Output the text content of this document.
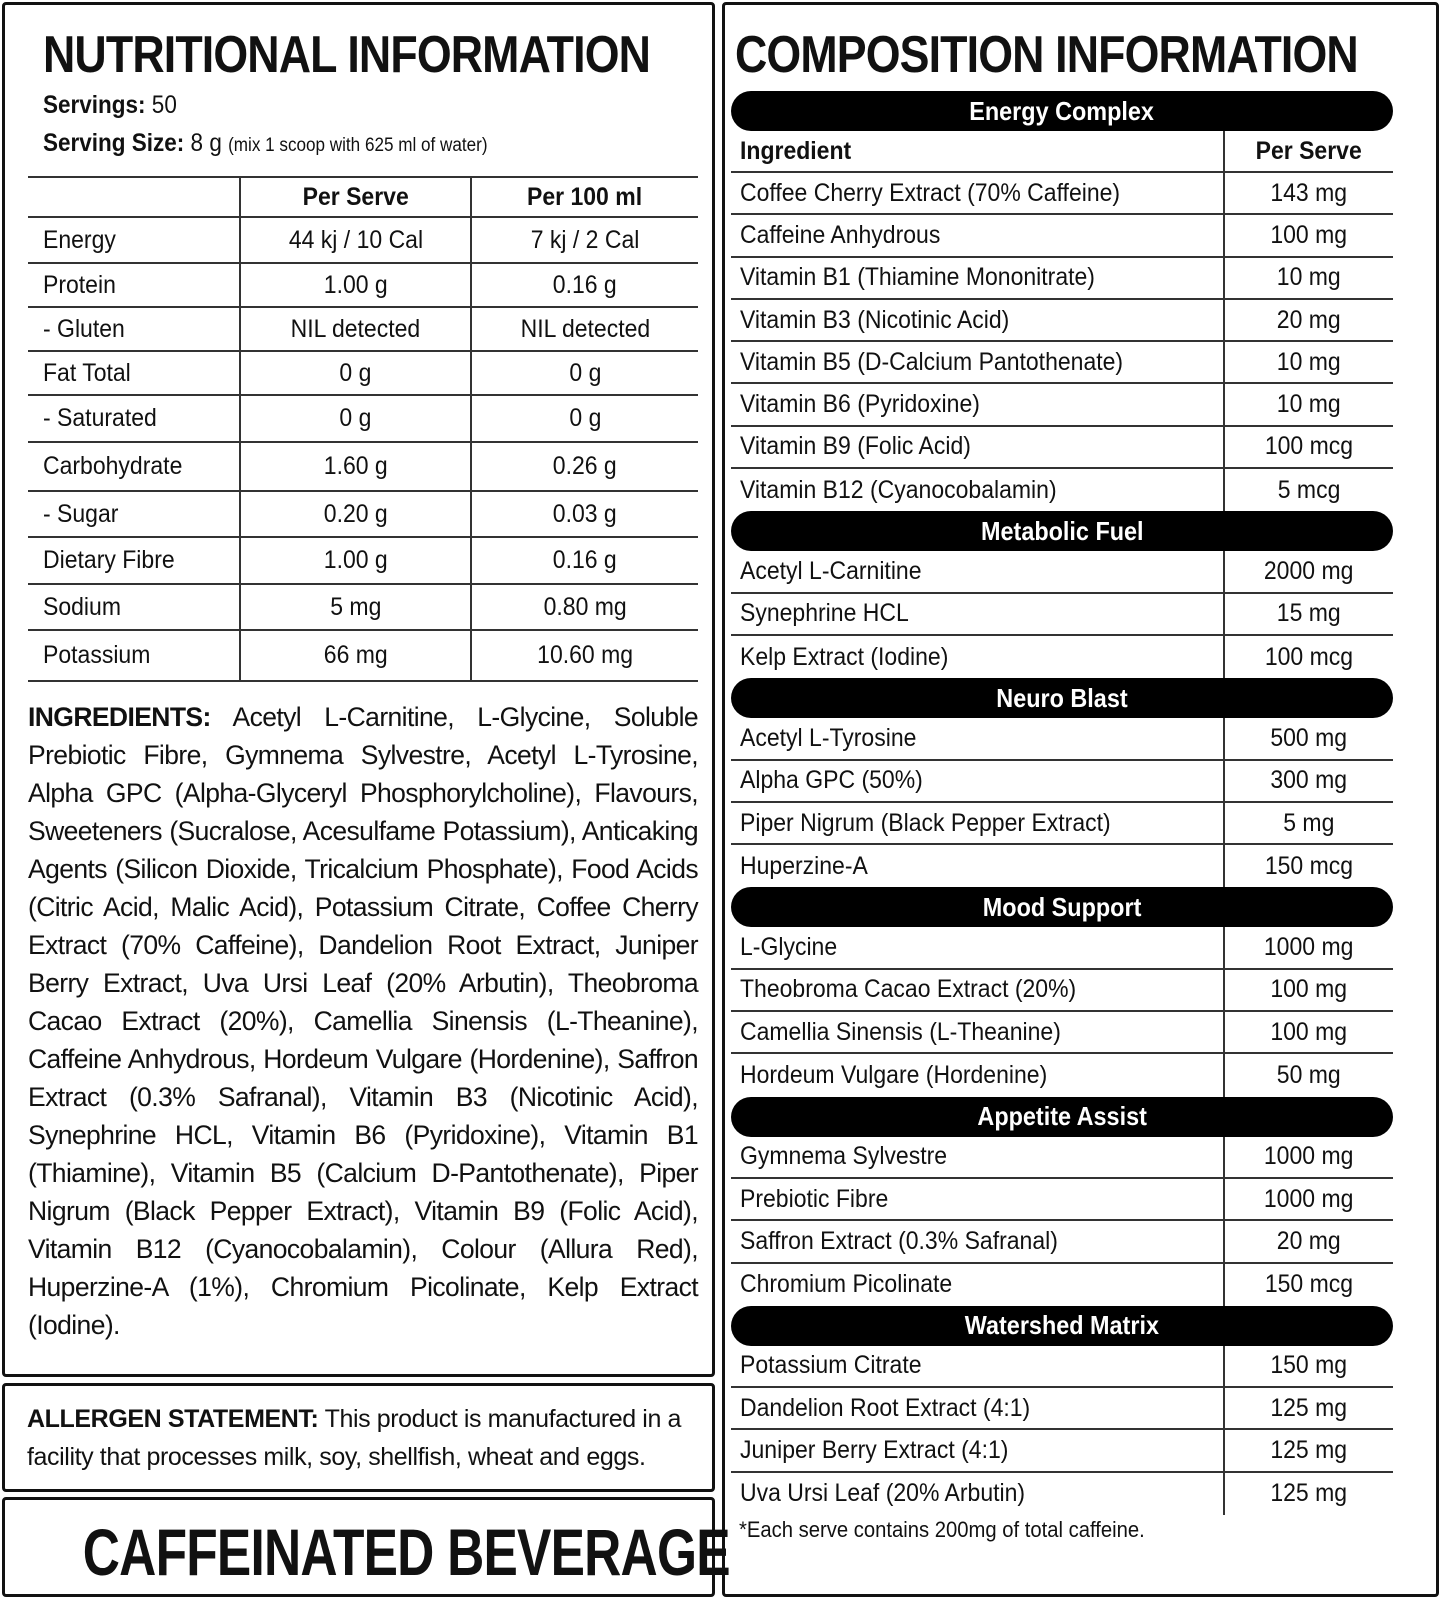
NUTRITIONAL INFORMATION
Servings: 50
Serving Size: 8 g (mix 1 scoop with 625 ml of water)
Per Serve	Per 100 ml
Energy	44 kj / 10 Cal	7 kj / 2 Cal
Protein	1.00 g	0.16 g
- Gluten	NIL detected	NIL detected
Fat Total	0 g	0 g
- Saturated	0 g	0 g
Carbohydrate	1.60 g	0.26 g
- Sugar	0.20 g	0.03 g
Dietary Fibre	1.00 g	0.16 g
Sodium	5 mg	0.80 mg
Potassium	66 mg	10.60 mg
INGREDIENTS: Acetyl L-Carnitine, L-Glycine, Soluble Prebiotic Fibre, Gymnema Sylvestre, Acetyl L-Tyrosine, Alpha GPC (Alpha-Glyceryl Phosphorylcholine), Flavours, Sweeteners (Sucralose, Acesulfame Potassium), Anticaking Agents (Silicon Dioxide, Tricalcium Phosphate), Food Acids (Citric Acid, Malic Acid), Potassium Citrate, Coffee Cherry Extract (70% Caffeine), Dandelion Root Extract, Juniper Berry Extract, Uva Ursi Leaf (20% Arbutin), Theobroma Cacao Extract (20%), Camellia Sinensis (L-Theanine), Caffeine Anhydrous, Hordeum Vulgare (Hordenine), Saffron Extract (0.3% Safranal), Vitamin B3 (Nicotinic Acid), Synephrine HCL, Vitamin B6 (Pyridoxine), Vitamin B1 (Thiamine), Vitamin B5 (Calcium D-Pantothenate), Piper Nigrum (Black Pepper Extract), Vitamin B9 (Folic Acid), Vitamin B12 (Cyanocobalamin), Colour (Allura Red), Huperzine-A (1%), Chromium Picolinate, Kelp Extract (Iodine).
ALLERGEN STATEMENT: This product is manufactured in a facility that processes milk, soy, shellfish, wheat and eggs.
CAFFEINATED BEVERAGE
COMPOSITION INFORMATION
Energy Complex
Ingredient	Per Serve
Coffee Cherry Extract (70% Caffeine)	143 mg
Caffeine Anhydrous	100 mg
Vitamin B1 (Thiamine Mononitrate)	10 mg
Vitamin B3 (Nicotinic Acid)	20 mg
Vitamin B5 (D-Calcium Pantothenate)	10 mg
Vitamin B6 (Pyridoxine)	10 mg
Vitamin B9 (Folic Acid)	100 mcg
Vitamin B12 (Cyanocobalamin)	5 mcg
Metabolic Fuel
Acetyl L-Carnitine	2000 mg
Synephrine HCL	15 mg
Kelp Extract (Iodine)	100 mcg
Neuro Blast
Acetyl L-Tyrosine	500 mg
Alpha GPC (50%)	300 mg
Piper Nigrum (Black Pepper Extract)	5 mg
Huperzine-A	150 mcg
Mood Support
L-Glycine	1000 mg
Theobroma Cacao Extract (20%)	100 mg
Camellia Sinensis (L-Theanine)	100 mg
Hordeum Vulgare (Hordenine)	50 mg
Appetite Assist
Gymnema Sylvestre	1000 mg
Prebiotic Fibre	1000 mg
Saffron Extract (0.3% Safranal)	20 mg
Chromium Picolinate	150 mcg
Watershed Matrix
Potassium Citrate	150 mg
Dandelion Root Extract (4:1)	125 mg
Juniper Berry Extract (4:1)	125 mg
Uva Ursi Leaf (20% Arbutin)	125 mg
*Each serve contains 200mg of total caffeine.
